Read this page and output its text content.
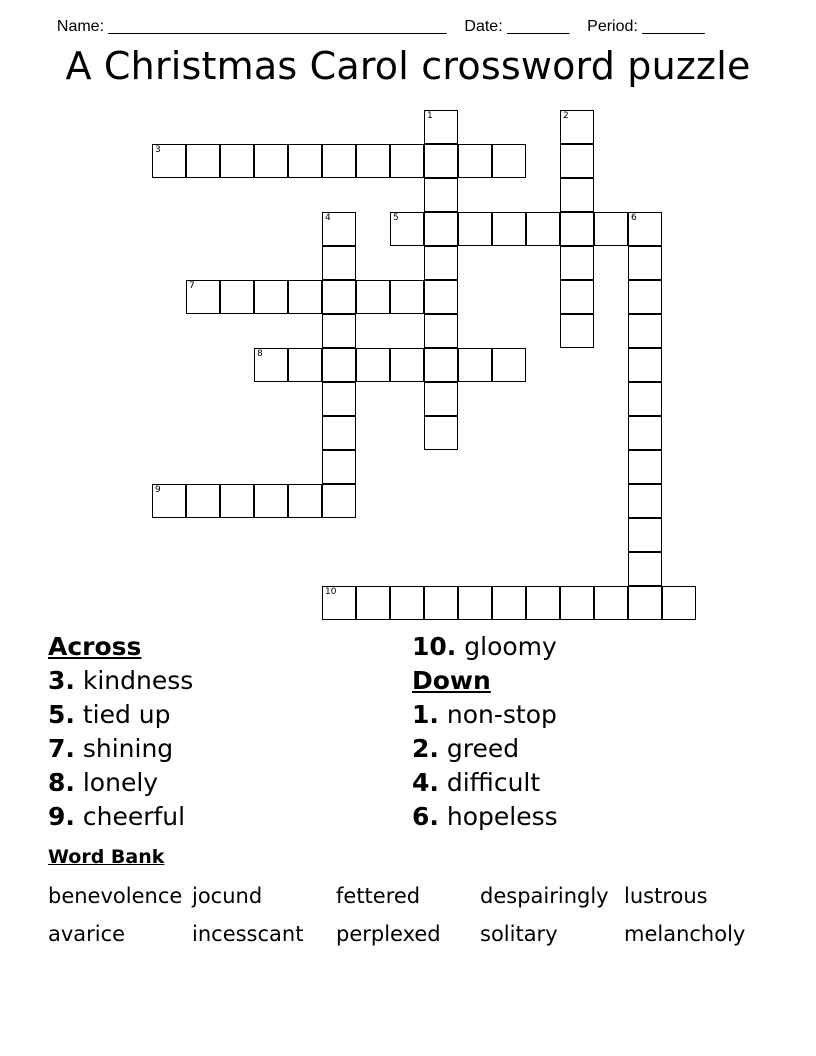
Name: ______________________________________ Date: _______ Period: _______

A Christmas Carol crossword puzzle
3
5	6
7
8
9
10
1	2
4
Across
3. kindness
5. tied up
7. shining
8. lonely
9. cheerful
10. gloomy
Down
1. non-stop
2. greed
4. difficult
6. hopeless
Word Bank
benevolence jocund	fettered	despairingly lustrous
avarice	incesscant perplexed solitary	melancholy
